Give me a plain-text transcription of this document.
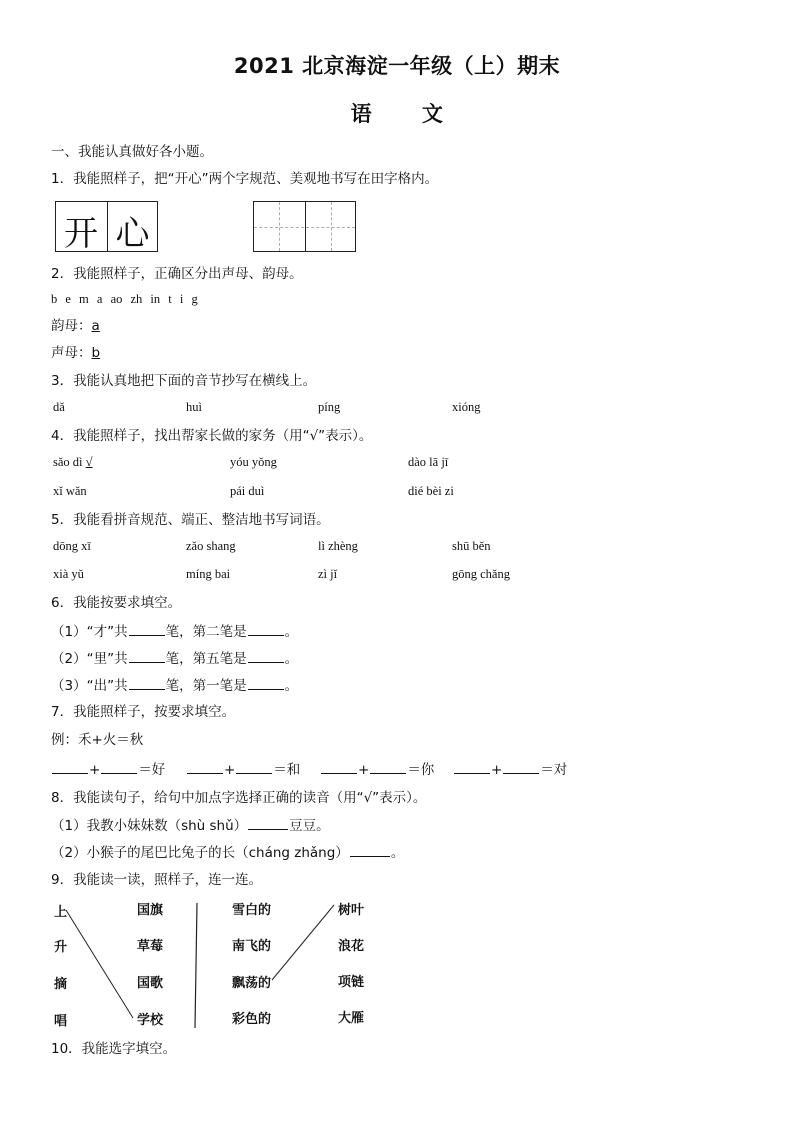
2021 北京海淀一年级（上）期末
语 文
一、我能认真做好各小题。
1．我能照样子，把“开心”两个字规范、美观地书写在田字格内。
开 心
2．我能照样子，正确区分出声母、韵母。
b e m a ao zh in t i g
韵母：a
声母：b
3．我能认真地把下面的音节抄写在横线上。
dǎ	huì	píng	xióng
4．我能照样子，找出帮家长做的家务（用“√”表示）。
sǎo dì √	yóu yǒng	dào lā jī
xǐ wǎn	pái duì	dié bèi zi
5．我能看拼音规范、端正、整洁地书写词语。
dōng xī	zǎo shang	lì zhèng	shū běn
xià yǔ	míng bai	zì jǐ	gōng chǎng
6．我能按要求填空。
（1）“才”共	笔，第二笔是	。
（2）“里”共	笔，第五笔是	。
（3）“出”共	笔，第一笔是	。
7．我能照样子，按要求填空。
例：禾+火＝秋
+	＝好	+	＝和	+	＝你	+	＝对
8．我能读句子，给句中加点字选择正确的读音（用“√”表示）。
（1）我教小妹妹数（shù shǔ）	豆豆。
（2）小猴子的尾巴比兔子的长（cháng zhǎng）	。
9．我能读一读，照样子，连一连。
上
升
摘
唱
国旗
草莓
国歌
学校
雪白的
南飞的
飘荡的
彩色的
树叶
浪花
项链
大雁
10．我能选字填空。
